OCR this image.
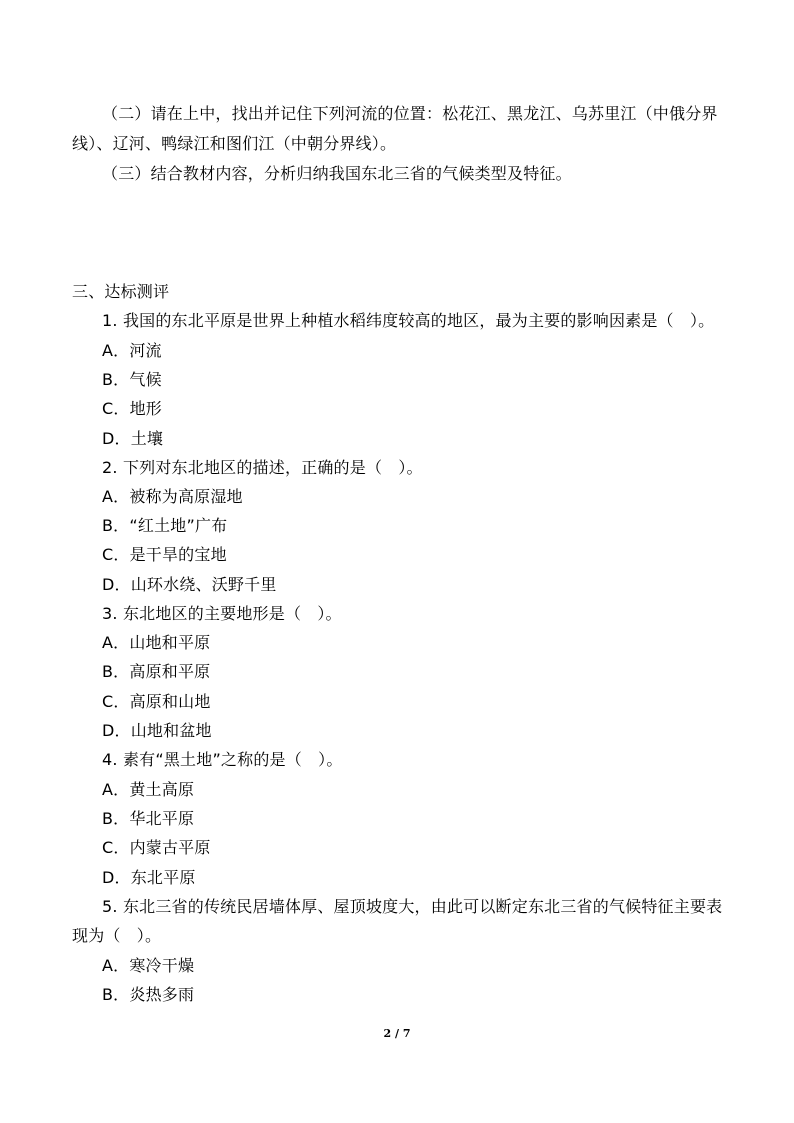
（二）请在上中，找出并记住下列河流的位置：松花江、黑龙江、乌苏里江（中俄分界
线）、辽河、鸭绿江和图们江（中朝分界线）。
（三）结合教材内容，分析归纳我国东北三省的气候类型及特征。
三、达标测评
1. 我国的东北平原是世界上种植水稻纬度较高的地区，最为主要的影响因素是（　）。
A．河流
B．气候
C．地形
D．土壤
2. 下列对东北地区的描述，正确的是（　）。
A．被称为高原湿地
B．“红土地”广布
C．是干旱的宝地
D．山环水绕、沃野千里
3. 东北地区的主要地形是（　）。
A．山地和平原
B．高原和平原
C．高原和山地
D．山地和盆地
4. 素有“黑土地”之称的是（　）。
A．黄土高原
B．华北平原
C．内蒙古平原
D．东北平原
5. 东北三省的传统民居墙体厚、屋顶坡度大，由此可以断定东北三省的气候特征主要表
现为（　）。
A．寒冷干燥
B．炎热多雨
2 / 7
